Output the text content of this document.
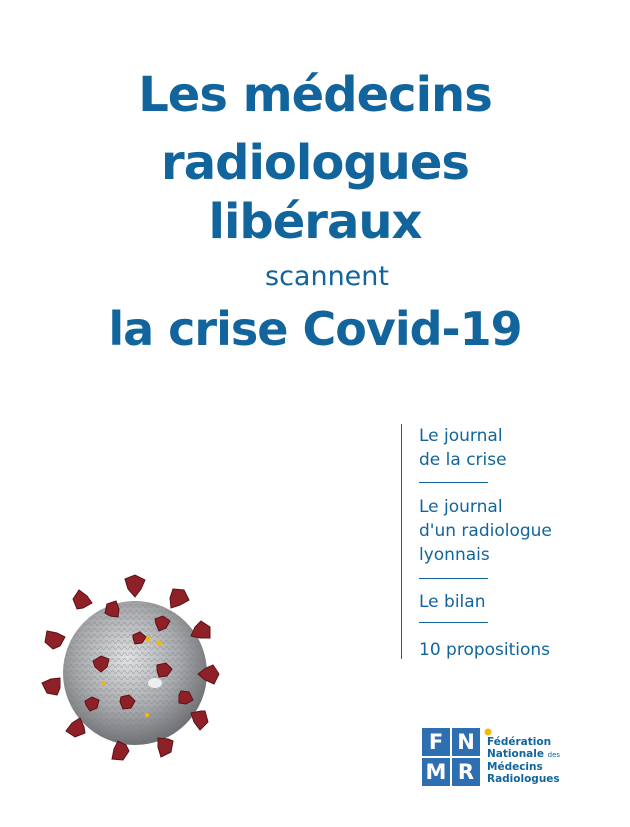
Les médecins
radiologues
libéraux
scannent
la crise Covid-19
Le journal
de la crise
Le journal
d'un radiologue
lyonnais
Le bilan
10 propositions
F N
M R
Fédération
Nationale des
Médecins
Radiologues
